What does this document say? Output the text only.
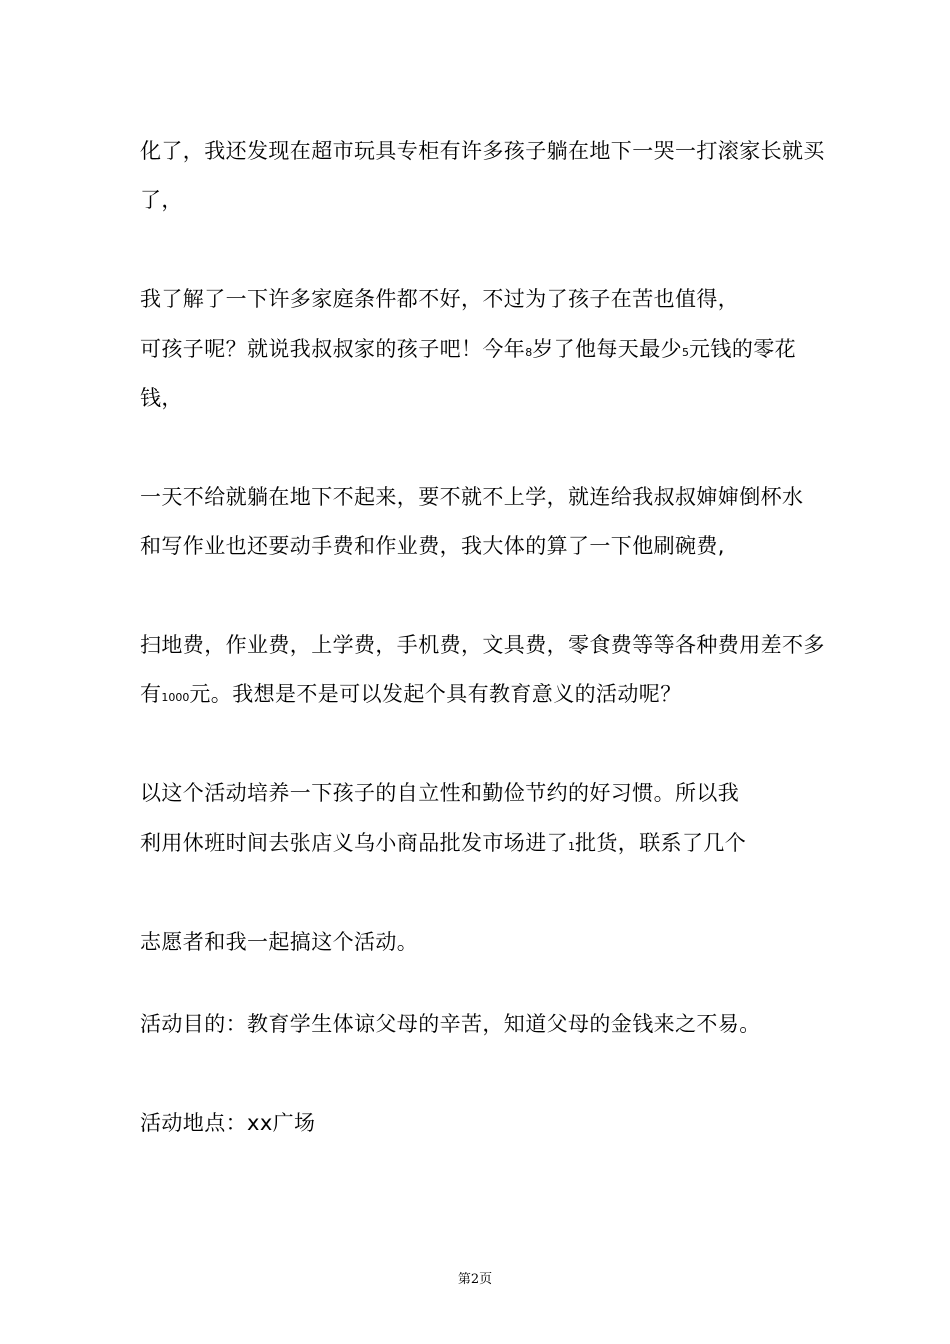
化了，我还发现在超市玩具专柜有许多孩子躺在地下一哭一打滚家长就买
了，
我了解了一下许多家庭条件都不好，不过为了孩子在苦也值得，
可孩子呢？就说我叔叔家的孩子吧！今年8岁了他每天最少5元钱的零花
钱，
一天不给就躺在地下不起来，要不就不上学，就连给我叔叔婶婶倒杯水
和写作业也还要动手费和作业费，我大体的算了一下他刷碗费,
扫地费，作业费，上学费，手机费，文具费，零食费等等各种费用差不多
有1000元。我想是不是可以发起个具有教育意义的活动呢？
以这个活动培养一下孩子的自立性和勤俭节约的好习惯。所以我
利用休班时间去张店义乌小商品批发市场进了1批货，联系了几个
志愿者和我一起搞这个活动。
活动目的：教育学生体谅父母的辛苦，知道父母的金钱来之不易。
活动地点：xx广场
第2页
